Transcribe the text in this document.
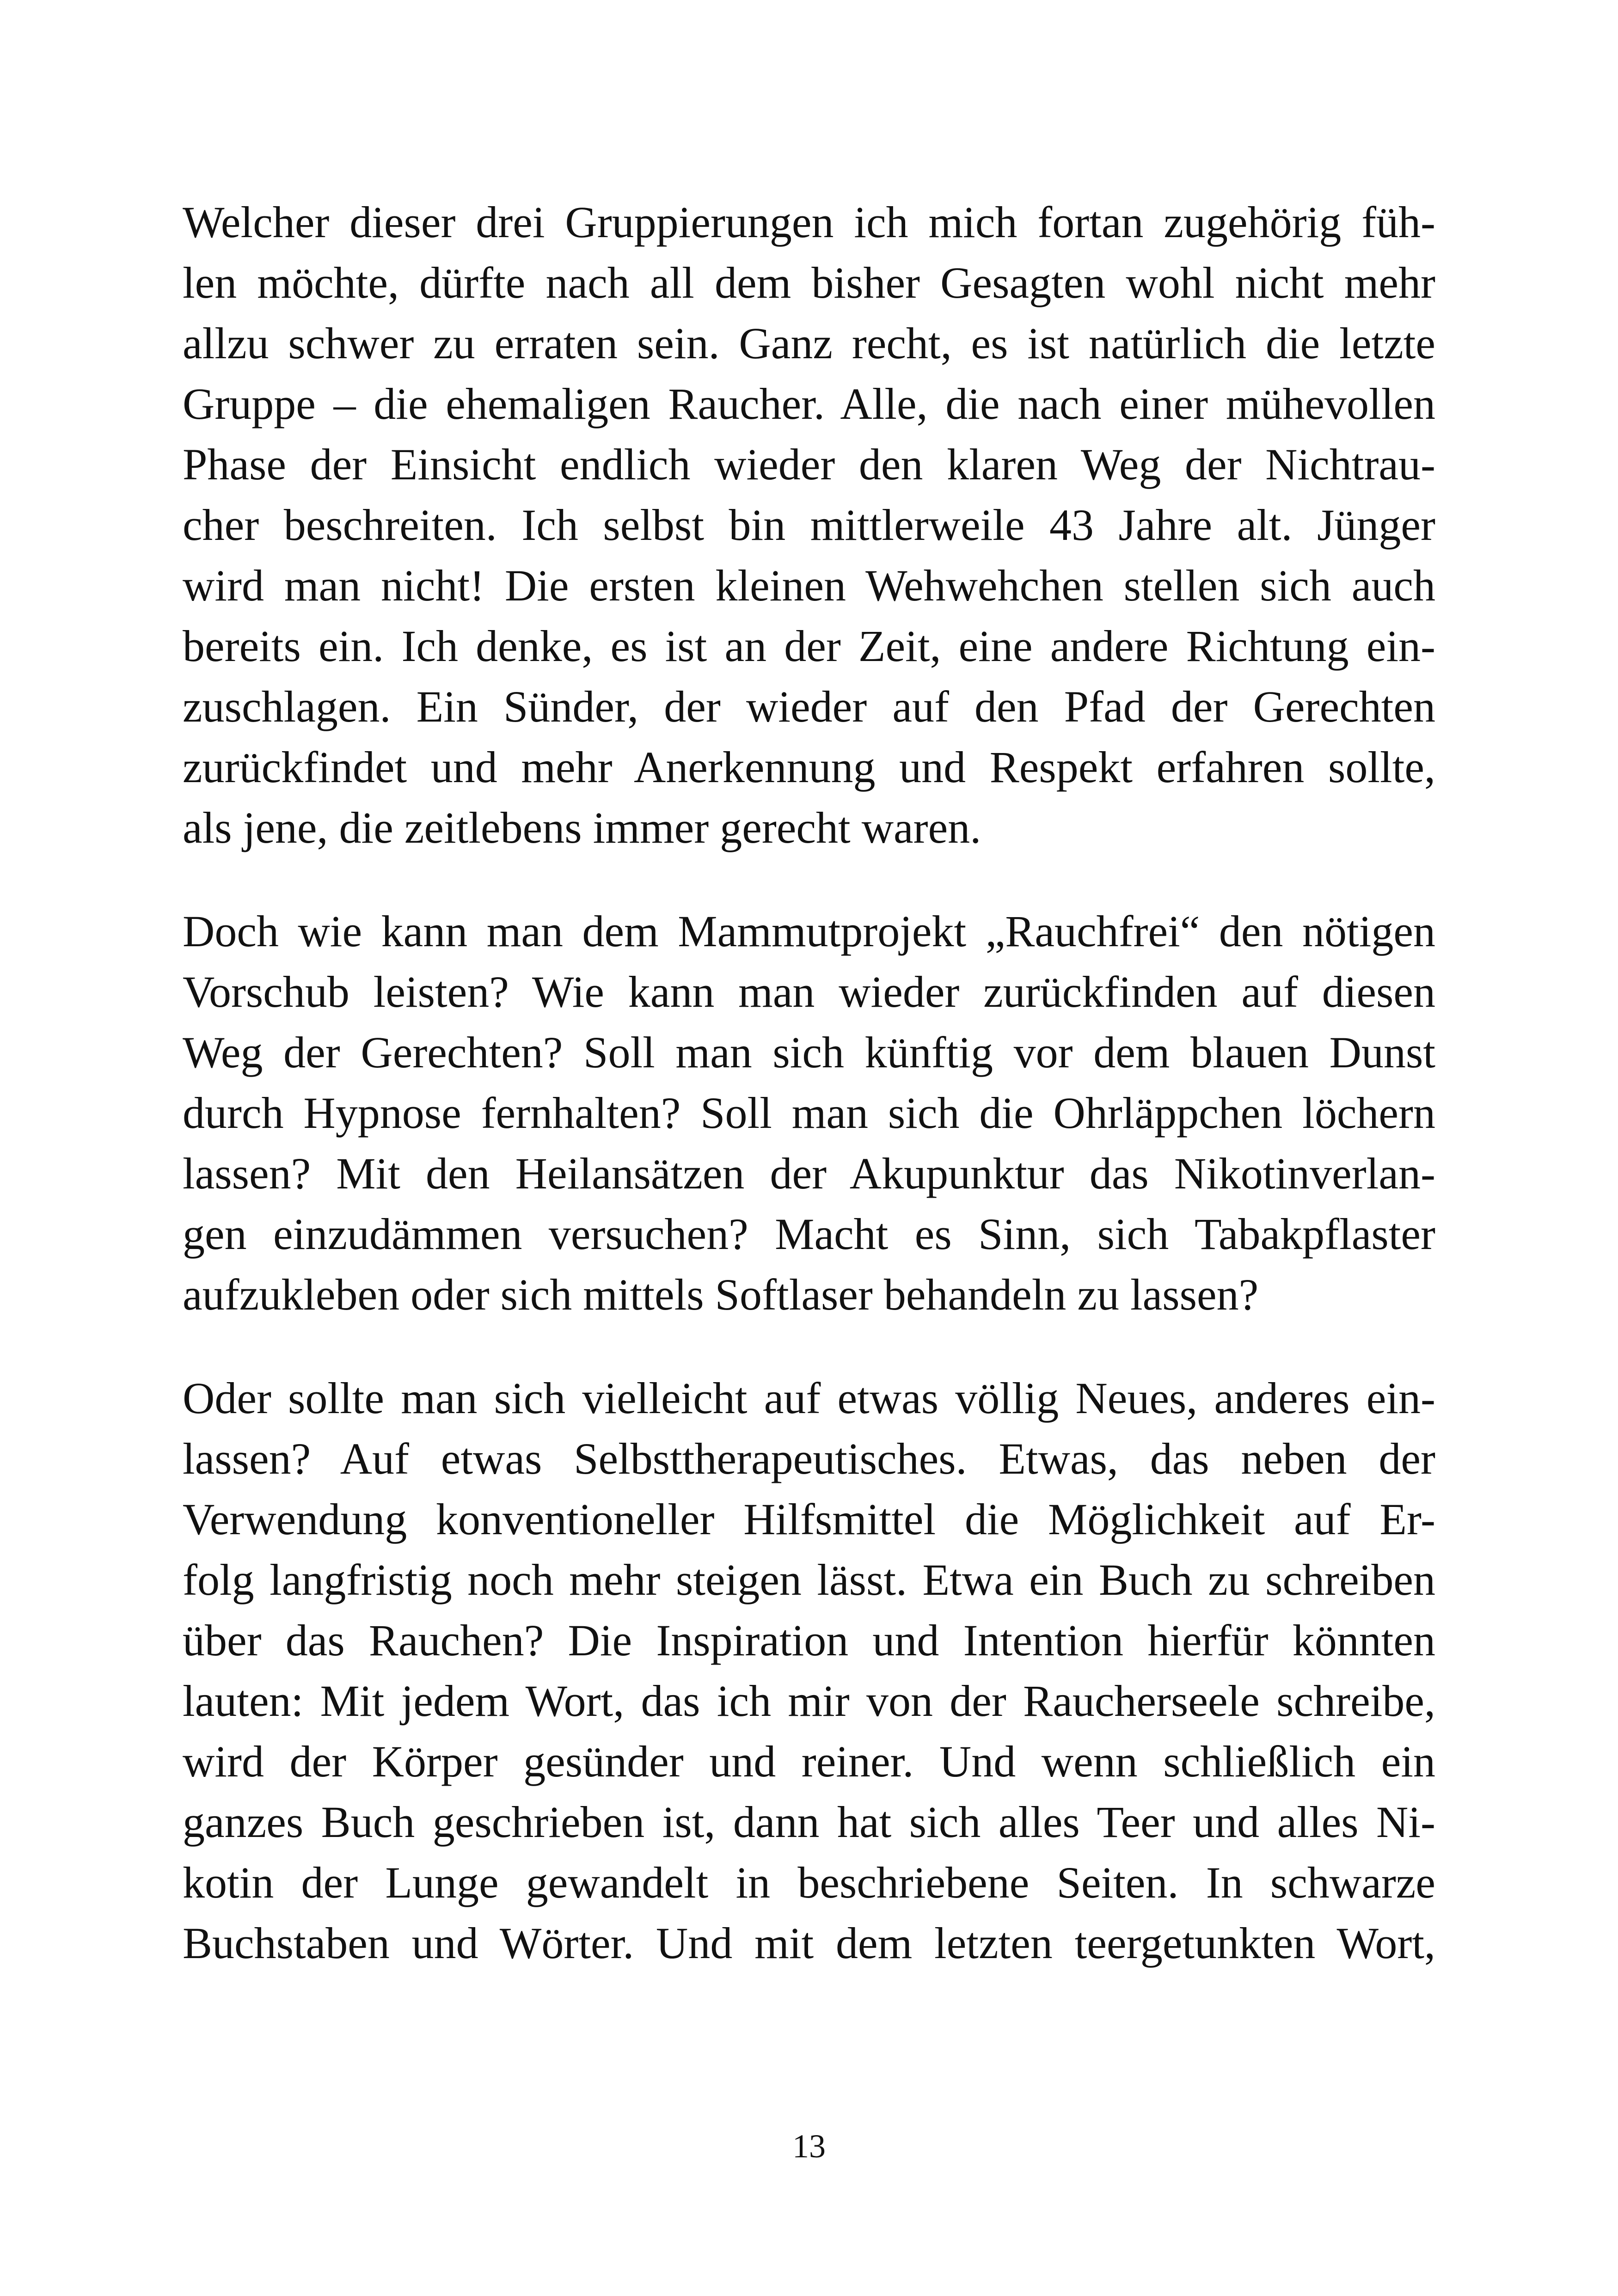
Welcher dieser drei Gruppierungen ich mich fortan zugehörig füh-
len möchte, dürfte nach all dem bisher Gesagten wohl nicht mehr
allzu schwer zu erraten sein. Ganz recht, es ist natürlich die letzte
Gruppe – die ehemaligen Raucher. Alle, die nach einer mühevollen
Phase der Einsicht endlich wieder den klaren Weg der Nichtrau-
cher beschreiten. Ich selbst bin mittlerweile 43 Jahre alt. Jünger
wird man nicht! Die ersten kleinen Wehwehchen stellen sich auch
bereits ein. Ich denke, es ist an der Zeit, eine andere Richtung ein-
zuschlagen. Ein Sünder, der wieder auf den Pfad der Gerechten
zurückfindet und mehr Anerkennung und Respekt erfahren sollte,
als jene, die zeitlebens immer gerecht waren.

Doch wie kann man dem Mammutprojekt „Rauchfrei“ den nötigen
Vorschub leisten? Wie kann man wieder zurückfinden auf diesen
Weg der Gerechten? Soll man sich künftig vor dem blauen Dunst
durch Hypnose fernhalten? Soll man sich die Ohrläppchen löchern
lassen? Mit den Heilansätzen der Akupunktur das Nikotinverlan-
gen einzudämmen versuchen? Macht es Sinn, sich Tabakpflaster
aufzukleben oder sich mittels Softlaser behandeln zu lassen?

Oder sollte man sich vielleicht auf etwas völlig Neues, anderes ein-
lassen? Auf etwas Selbsttherapeutisches. Etwas, das neben der
Verwendung konventioneller Hilfsmittel die Möglichkeit auf Er-
folg langfristig noch mehr steigen lässt. Etwa ein Buch zu schreiben
über das Rauchen? Die Inspiration und Intention hierfür könnten
lauten: Mit jedem Wort, das ich mir von der Raucherseele schreibe,
wird der Körper gesünder und reiner. Und wenn schließlich ein
ganzes Buch geschrieben ist, dann hat sich alles Teer und alles Ni-
kotin der Lunge gewandelt in beschriebene Seiten. In schwarze
Buchstaben und Wörter. Und mit dem letzten teergetunkten Wort,

13
